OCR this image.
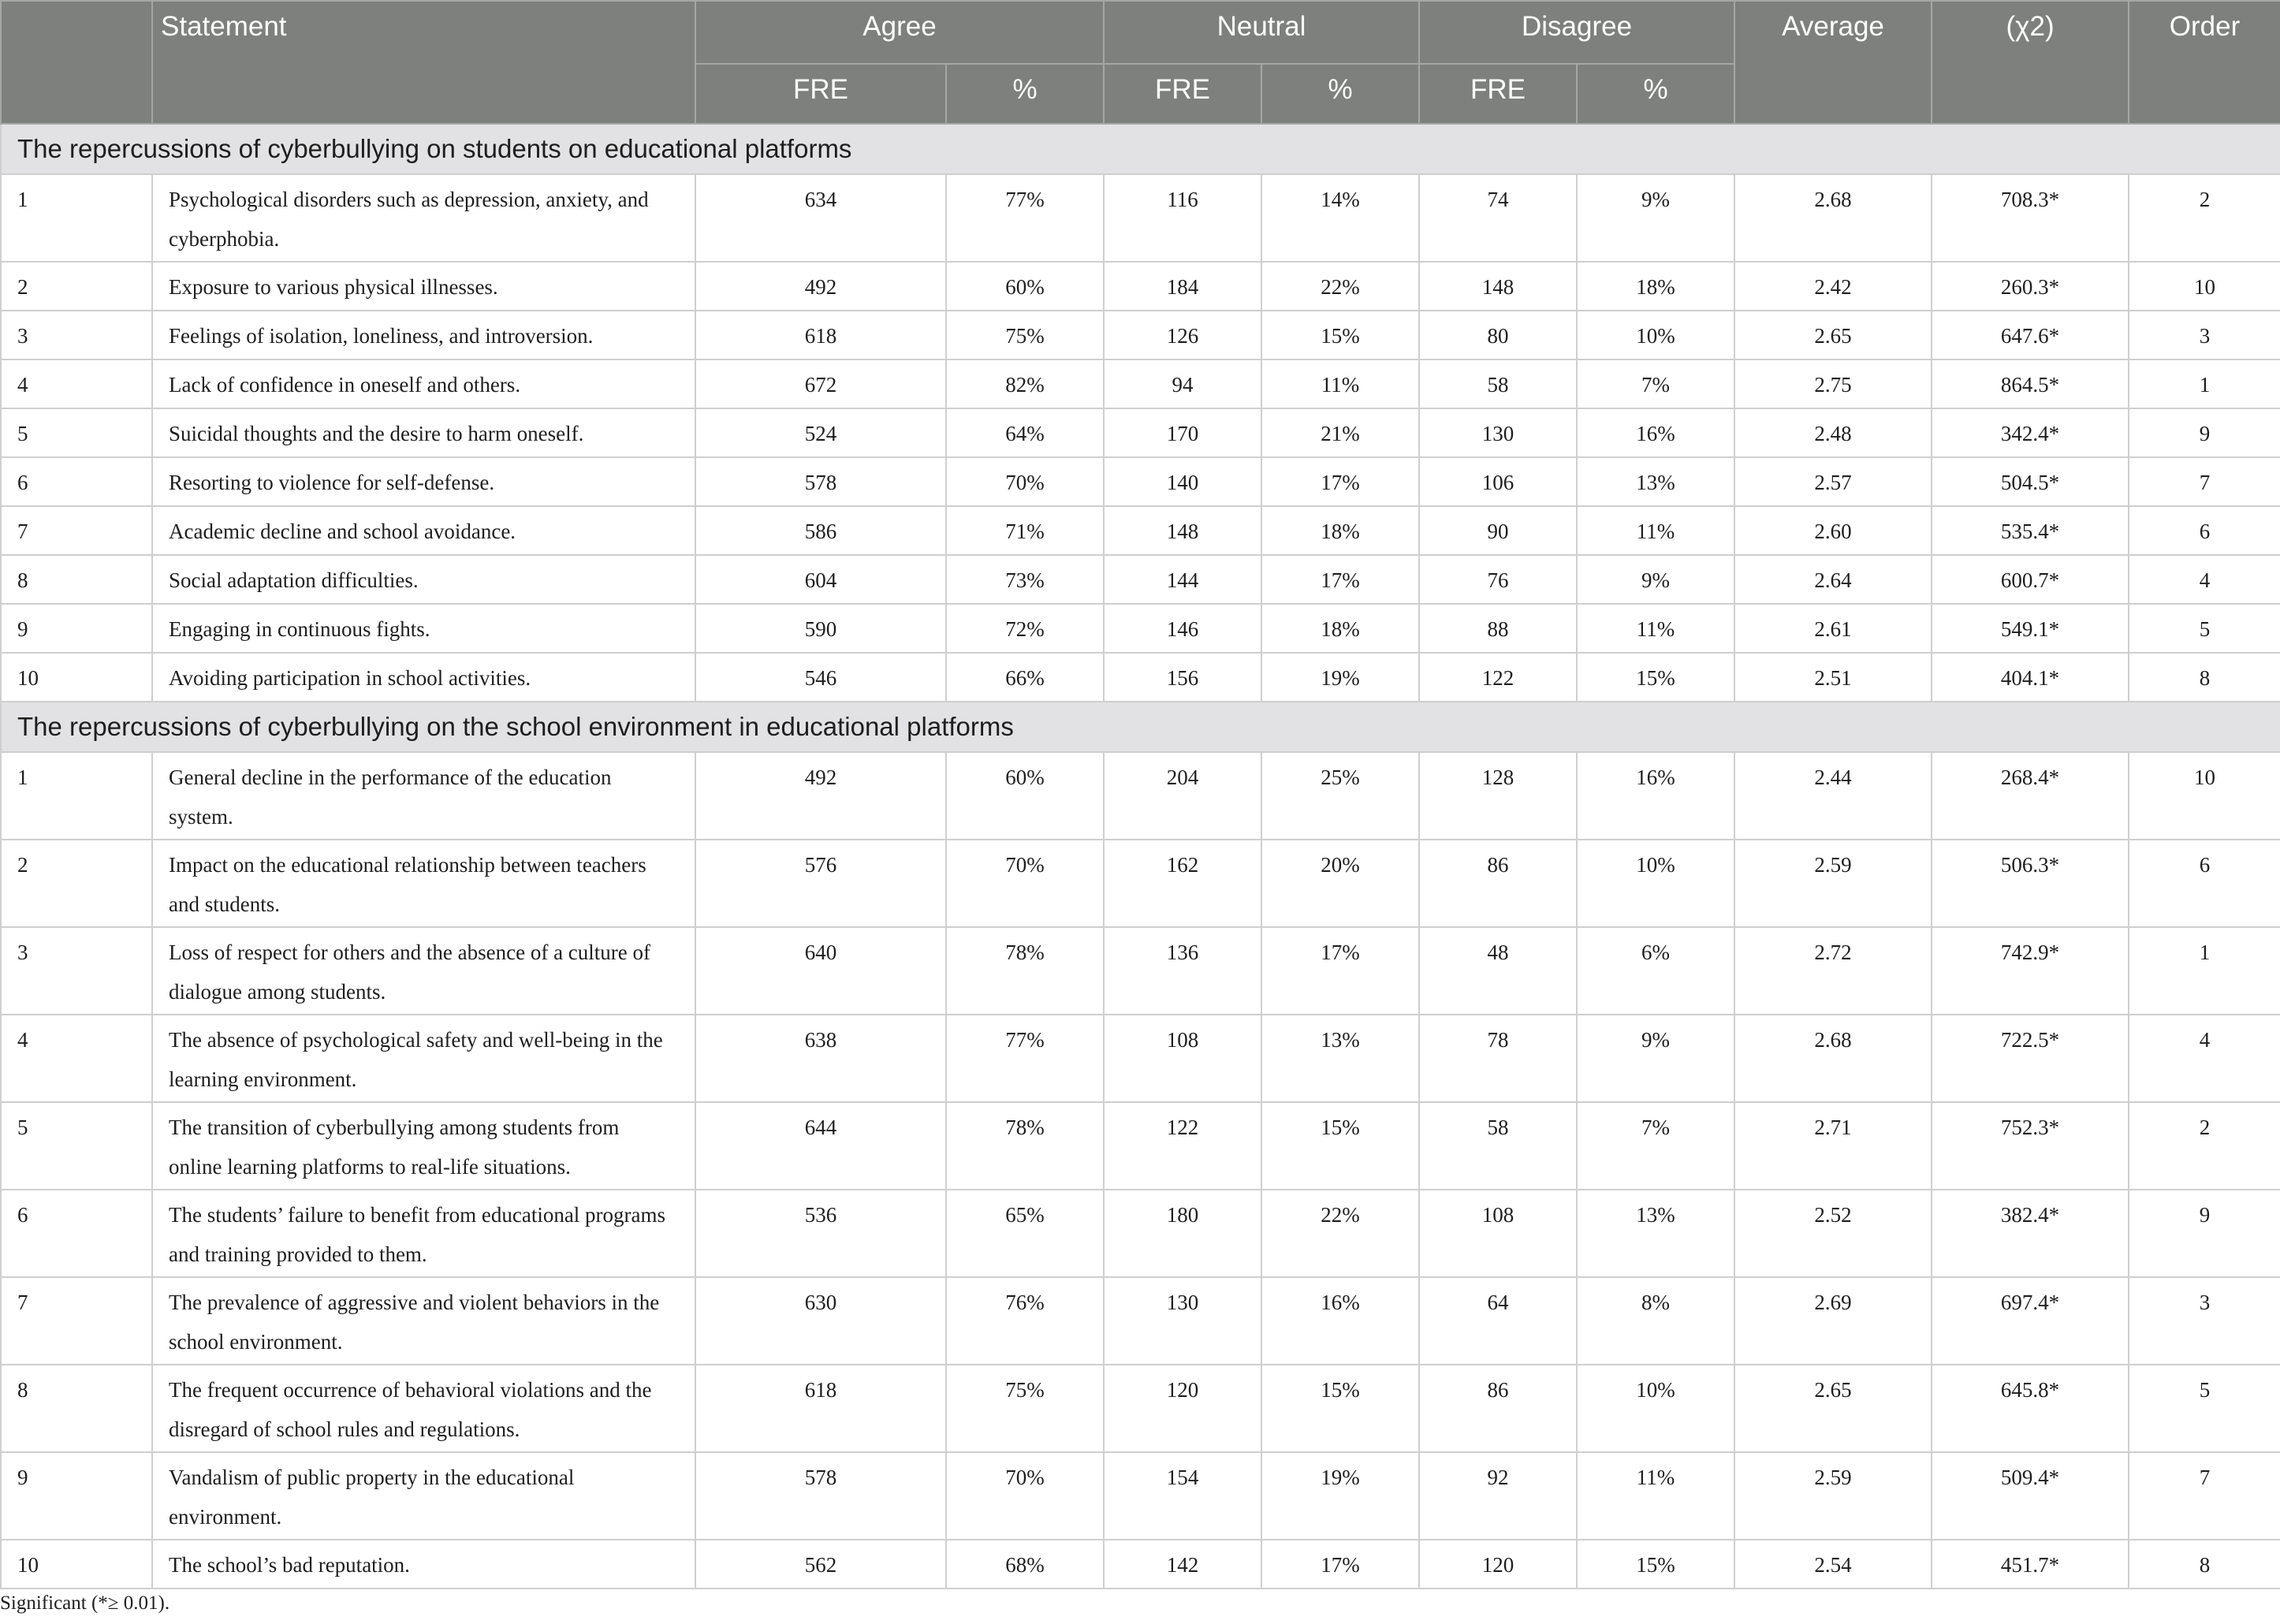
	Statement	Agree		Neutral		Disagree		Average	(χ2)	Order
		FRE	%	FRE	%	FRE	%			
The repercussions of cyberbullying on students on educational platforms										
1	Psychological disorders such as depression, anxiety, and cyberphobia.	634	77%	116	14%	74	9%	2.68	708.3*	2
2	Exposure to various physical illnesses.	492	60%	184	22%	148	18%	2.42	260.3*	10
3	Feelings of isolation, loneliness, and introversion.	618	75%	126	15%	80	10%	2.65	647.6*	3
4	Lack of confidence in oneself and others.	672	82%	94	11%	58	7%	2.75	864.5*	1
5	Suicidal thoughts and the desire to harm oneself.	524	64%	170	21%	130	16%	2.48	342.4*	9
6	Resorting to violence for self-defense.	578	70%	140	17%	106	13%	2.57	504.5*	7
7	Academic decline and school avoidance.	586	71%	148	18%	90	11%	2.60	535.4*	6
8	Social adaptation difficulties.	604	73%	144	17%	76	9%	2.64	600.7*	4
9	Engaging in continuous fights.	590	72%	146	18%	88	11%	2.61	549.1*	5
10	Avoiding participation in school activities.	546	66%	156	19%	122	15%	2.51	404.1*	8
The repercussions of cyberbullying on the school environment in educational platforms										
1	General decline in the performance of the education system.	492	60%	204	25%	128	16%	2.44	268.4*	10
2	Impact on the educational relationship between teachers and students.	576	70%	162	20%	86	10%	2.59	506.3*	6
3	Loss of respect for others and the absence of a culture of dialogue among students.	640	78%	136	17%	48	6%	2.72	742.9*	1
4	The absence of psychological safety and well-being in the learning environment.	638	77%	108	13%	78	9%	2.68	722.5*	4
5	The transition of cyberbullying among students from online learning platforms to real-life situations.	644	78%	122	15%	58	7%	2.71	752.3*	2
6	The students’ failure to benefit from educational programs and training provided to them.	536	65%	180	22%	108	13%	2.52	382.4*	9
7	The prevalence of aggressive and violent behaviors in the school environment.	630	76%	130	16%	64	8%	2.69	697.4*	3
8	The frequent occurrence of behavioral violations and the disregard of school rules and regulations.	618	75%	120	15%	86	10%	2.65	645.8*	5
9	Vandalism of public property in the educational environment.	578	70%	154	19%	92	11%	2.59	509.4*	7
10	The school’s bad reputation.	562	68%	142	17%	120	15%	2.54	451.7*	8
Significant (*≥ 0.01).
